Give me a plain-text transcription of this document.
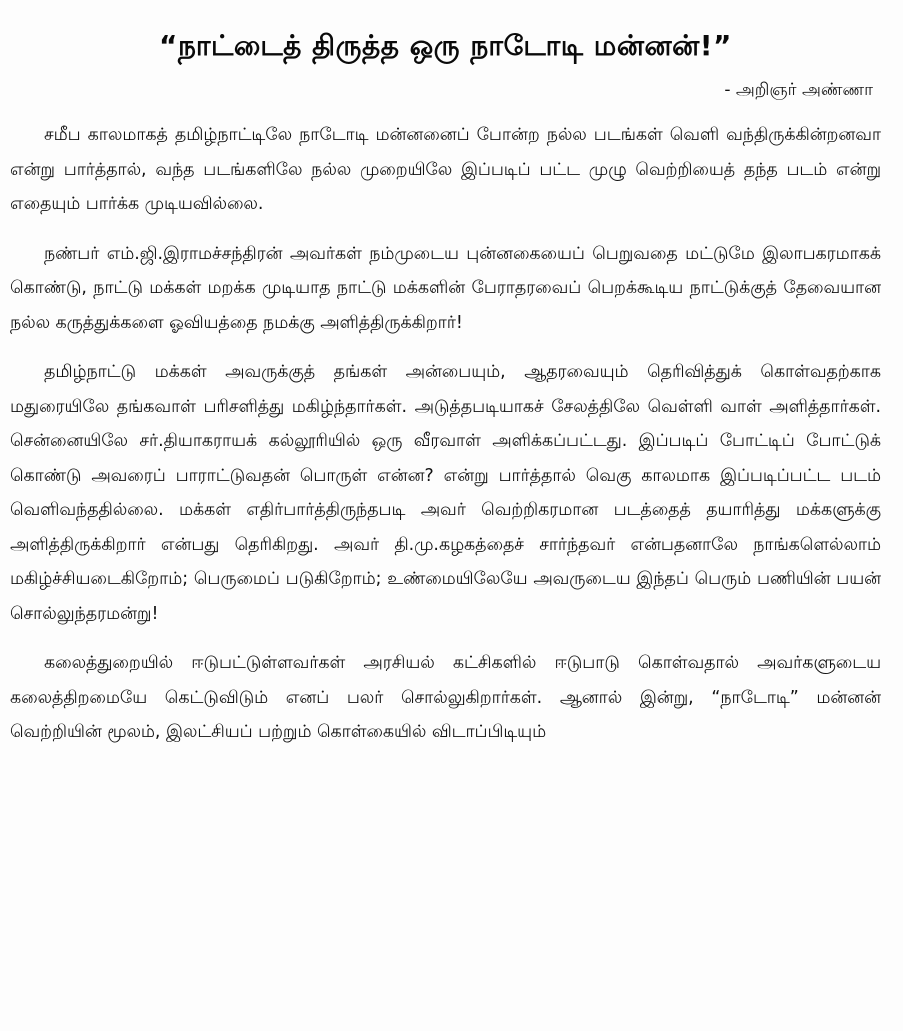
“நாட்டைத் திருத்த ஒரு நாடோடி மன்னன்!”
- அறிஞர் அண்ணா

சமீப காலமாகத் தமிழ்நாட்டிலே நாடோடி மன்னனைப் போன்ற நல்ல படங்கள் வெளி வந்திருக்கின்றனவா என்று பார்த்தால், வந்த படங்களிலே நல்ல முறையிலே இப்படிப் பட்ட முழு வெற்றியைத் தந்த படம் என்று எதையும் பார்க்க முடியவில்லை.

நண்பர் எம்.ஜி.இராமச்சந்திரன் அவர்கள் நம்முடைய புன்னகையைப் பெறுவதை மட்டுமே இலாபகரமாகக் கொண்டு, நாட்டு மக்கள் மறக்க முடியாத நாட்டு மக்களின் பேராதரவைப் பெறக்கூடிய நாட்டுக்குத் தேவையான நல்ல கருத்துக்களை ஓவியத்தை நமக்கு அளித்திருக்கிறார்!

தமிழ்நாட்டு மக்கள் அவருக்குத் தங்கள் அன்பையும், ஆதரவையும் தெரிவித்துக் கொள்வதற்காக மதுரையிலே தங்கவாள் பரிசளித்து மகிழ்ந்தார்கள். அடுத்தபடியாகச் சேலத்திலே வெள்ளி வாள் அளித்தார்கள். சென்னையிலே சர்.தியாகராயக் கல்லூரியில் ஒரு வீரவாள் அளிக்கப்பட்டது. இப்படிப் போட்டிப் போட்டுக் கொண்டு அவரைப் பாராட்டுவதன் பொருள் என்ன? என்று பார்த்தால் வெகு காலமாக இப்படிப்பட்ட படம் வெளிவந்ததில்லை. மக்கள் எதிர்பார்த்திருந்தபடி அவர் வெற்றிகரமான படத்தைத் தயாரித்து மக்களுக்கு அளித்திருக்கிறார் என்பது தெரிகிறது. அவர் தி.மு.கழகத்தைச் சார்ந்தவர் என்பதனாலே நாங்களெல்லாம் மகிழ்ச்சியடைகிறோம்; பெருமைப் படுகிறோம்; உண்மையிலேயே அவருடைய இந்தப் பெரும் பணியின் பயன் சொல்லுந்தரமன்று!

கலைத்துறையில் ஈடுபட்டுள்ளவர்கள் அரசியல் கட்சிகளில் ஈடுபாடு கொள்வதால் அவர்களுடைய கலைத்திறமையே கெட்டுவிடும் எனப் பலர் சொல்லுகிறார்கள். ஆனால் இன்று, “நாடோடி” மன்னன் வெற்றியின் மூலம், இலட்சியப் பற்றும் கொள்கையில் விடாப்பிடியும்
